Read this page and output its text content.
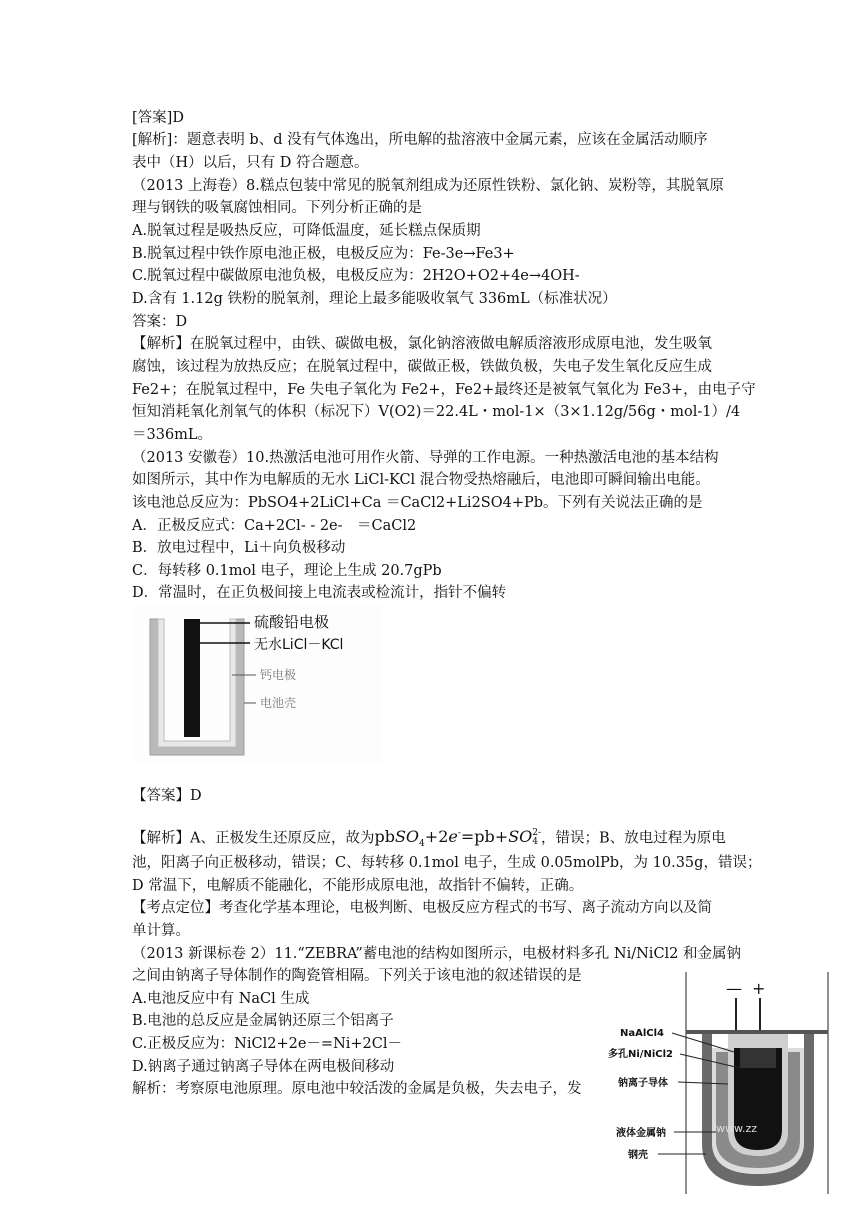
[答案]D
[解析]：题意表明 b、d 没有气体逸出，所电解的盐溶液中金属元素，应该在金属活动顺序
表中（H）以后，只有 D 符合题意。
（2013 上海卷）8.糕点包装中常见的脱氧剂组成为还原性铁粉、氯化钠、炭粉等，其脱氧原
理与钢铁的吸氧腐蚀相同。下列分析正确的是
A.脱氧过程是吸热反应，可降低温度，延长糕点保质期
B.脱氧过程中铁作原电池正极，电极反应为：Fe-3e→Fe3+
C.脱氧过程中碳做原电池负极，电极反应为：2H2O+O2+4e→4OH-
D.含有 1.12g 铁粉的脱氧剂，理论上最多能吸收氧气 336mL（标准状况）
答案：D
【解析】在脱氧过程中，由铁、碳做电极，氯化钠溶液做电解质溶液形成原电池，发生吸氧
腐蚀，该过程为放热反应；在脱氧过程中，碳做正极，铁做负极，失电子发生氧化反应生成
Fe2+；在脱氧过程中，Fe 失电子氧化为 Fe2+，Fe2+最终还是被氧气氧化为 Fe3+，由电子守
恒知消耗氧化剂氧气的体积（标况下）V(O2)＝22.4L・mol-1×（3×1.12g/56g・mol-1）/4
＝336mL。
（2013 安徽卷）10.热激活电池可用作火箭、导弹的工作电源。一种热激活电池的基本结构
如图所示，其中作为电解质的无水 LiCl-KCl 混合物受热熔融后，电池即可瞬间输出电能。
该电池总反应为：PbSO4+2LiCl+Ca ＝CaCl2+Li2SO4+Pb。下列有关说法正确的是
A．正极反应式：Ca+2Cl- - 2e-　＝CaCl2
B．放电过程中，Li＋向负极移动
C．每转移 0.1mol 电子，理论上生成 20.7gPb
D．常温时，在正负极间接上电流表或检流计，指针不偏转
硫酸铅电极
无水LiCl－KCl
钙电极
电池壳
【答案】D
【解析】A、正极发生还原反应，故为pbSO$_4$+2e-=pb+SO 2-
4 ，错误；B、放电过程为原电
池，阳离子向正极移动，错误；C、每转移 0.1mol 电子，生成 0.05molPb，为 10.35g，错误；
D 常温下，电解质不能融化，不能形成原电池，故指针不偏转，正确。
【考点定位】考查化学基本理论，电极判断、电极反应方程式的书写、离子流动方向以及简
单计算。
（2013 新课标卷 2）11.“ZEBRA”蓄电池的结构如图所示，电极材料多孔 Ni/NiCl2 和金属钠
之间由钠离子导体制作的陶瓷管相隔。下列关于该电池的叙述错误的是
A.电池反应中有 NaCl 生成
B.电池的总反应是金属钠还原三个铝离子
C.正极反应为：NiCl2+2e－=Ni+2Cl－
D.钠离子通过钠离子导体在两电极间移动
解析：考察原电池原理。原电池中较活泼的金属是负极，失去电子，发
— +
NaAlCl4
多孔Ni/NiCl2
钠离子导体
液体金属钠
钢壳
www.zz
